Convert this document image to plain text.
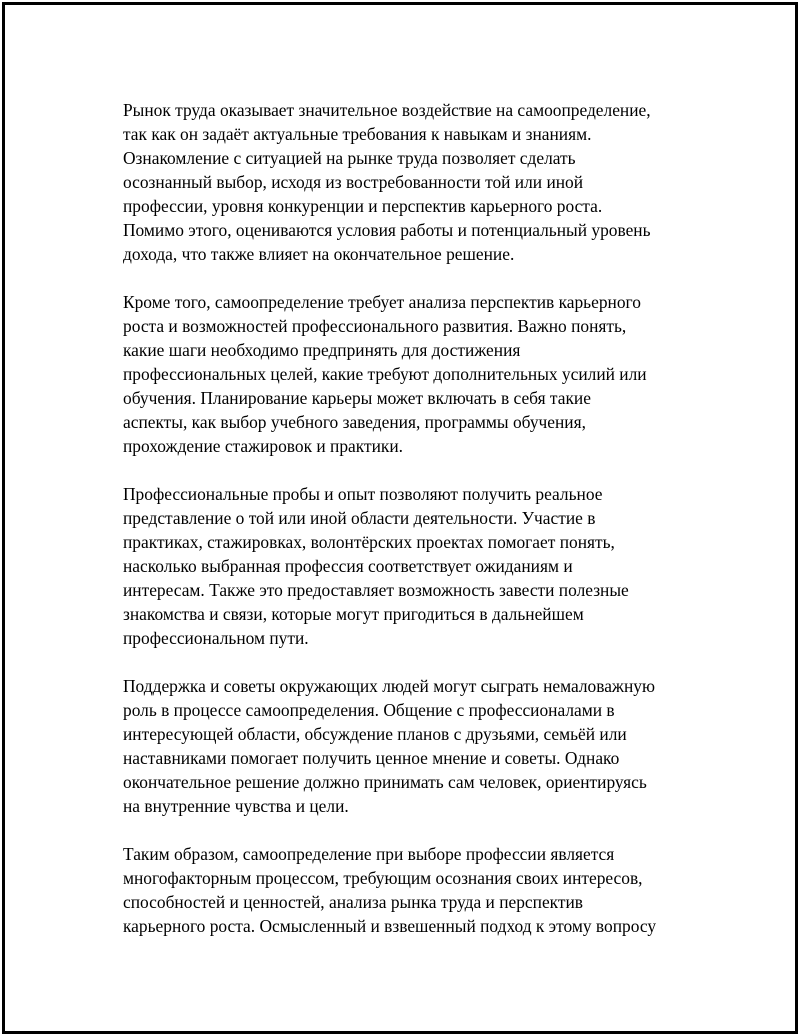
Рынок труда оказывает значительное воздействие на самоопределение,
так как он задаёт актуальные требования к навыкам и знаниям.
Ознакомление с ситуацией на рынке труда позволяет сделать
осознанный выбор, исходя из востребованности той или иной
профессии, уровня конкуренции и перспектив карьерного роста.
Помимо этого, оцениваются условия работы и потенциальный уровень
дохода, что также влияет на окончательное решение.

Кроме того, самоопределение требует анализа перспектив карьерного
роста и возможностей профессионального развития. Важно понять,
какие шаги необходимо предпринять для достижения
профессиональных целей, какие требуют дополнительных усилий или
обучения. Планирование карьеры может включать в себя такие
аспекты, как выбор учебного заведения, программы обучения,
прохождение стажировок и практики.

Профессиональные пробы и опыт позволяют получить реальное
представление о той или иной области деятельности. Участие в
практиках, стажировках, волонтёрских проектах помогает понять,
насколько выбранная профессия соответствует ожиданиям и
интересам. Также это предоставляет возможность завести полезные
знакомства и связи, которые могут пригодиться в дальнейшем
профессиональном пути.

Поддержка и советы окружающих людей могут сыграть немаловажную
роль в процессе самоопределения. Общение с профессионалами в
интересующей области, обсуждение планов с друзьями, семьёй или
наставниками помогает получить ценное мнение и советы. Однако
окончательное решение должно принимать сам человек, ориентируясь
на внутренние чувства и цели.

Таким образом, самоопределение при выборе профессии является
многофакторным процессом, требующим осознания своих интересов,
способностей и ценностей, анализа рынка труда и перспектив
карьерного роста. Осмысленный и взвешенный подход к этому вопросу
